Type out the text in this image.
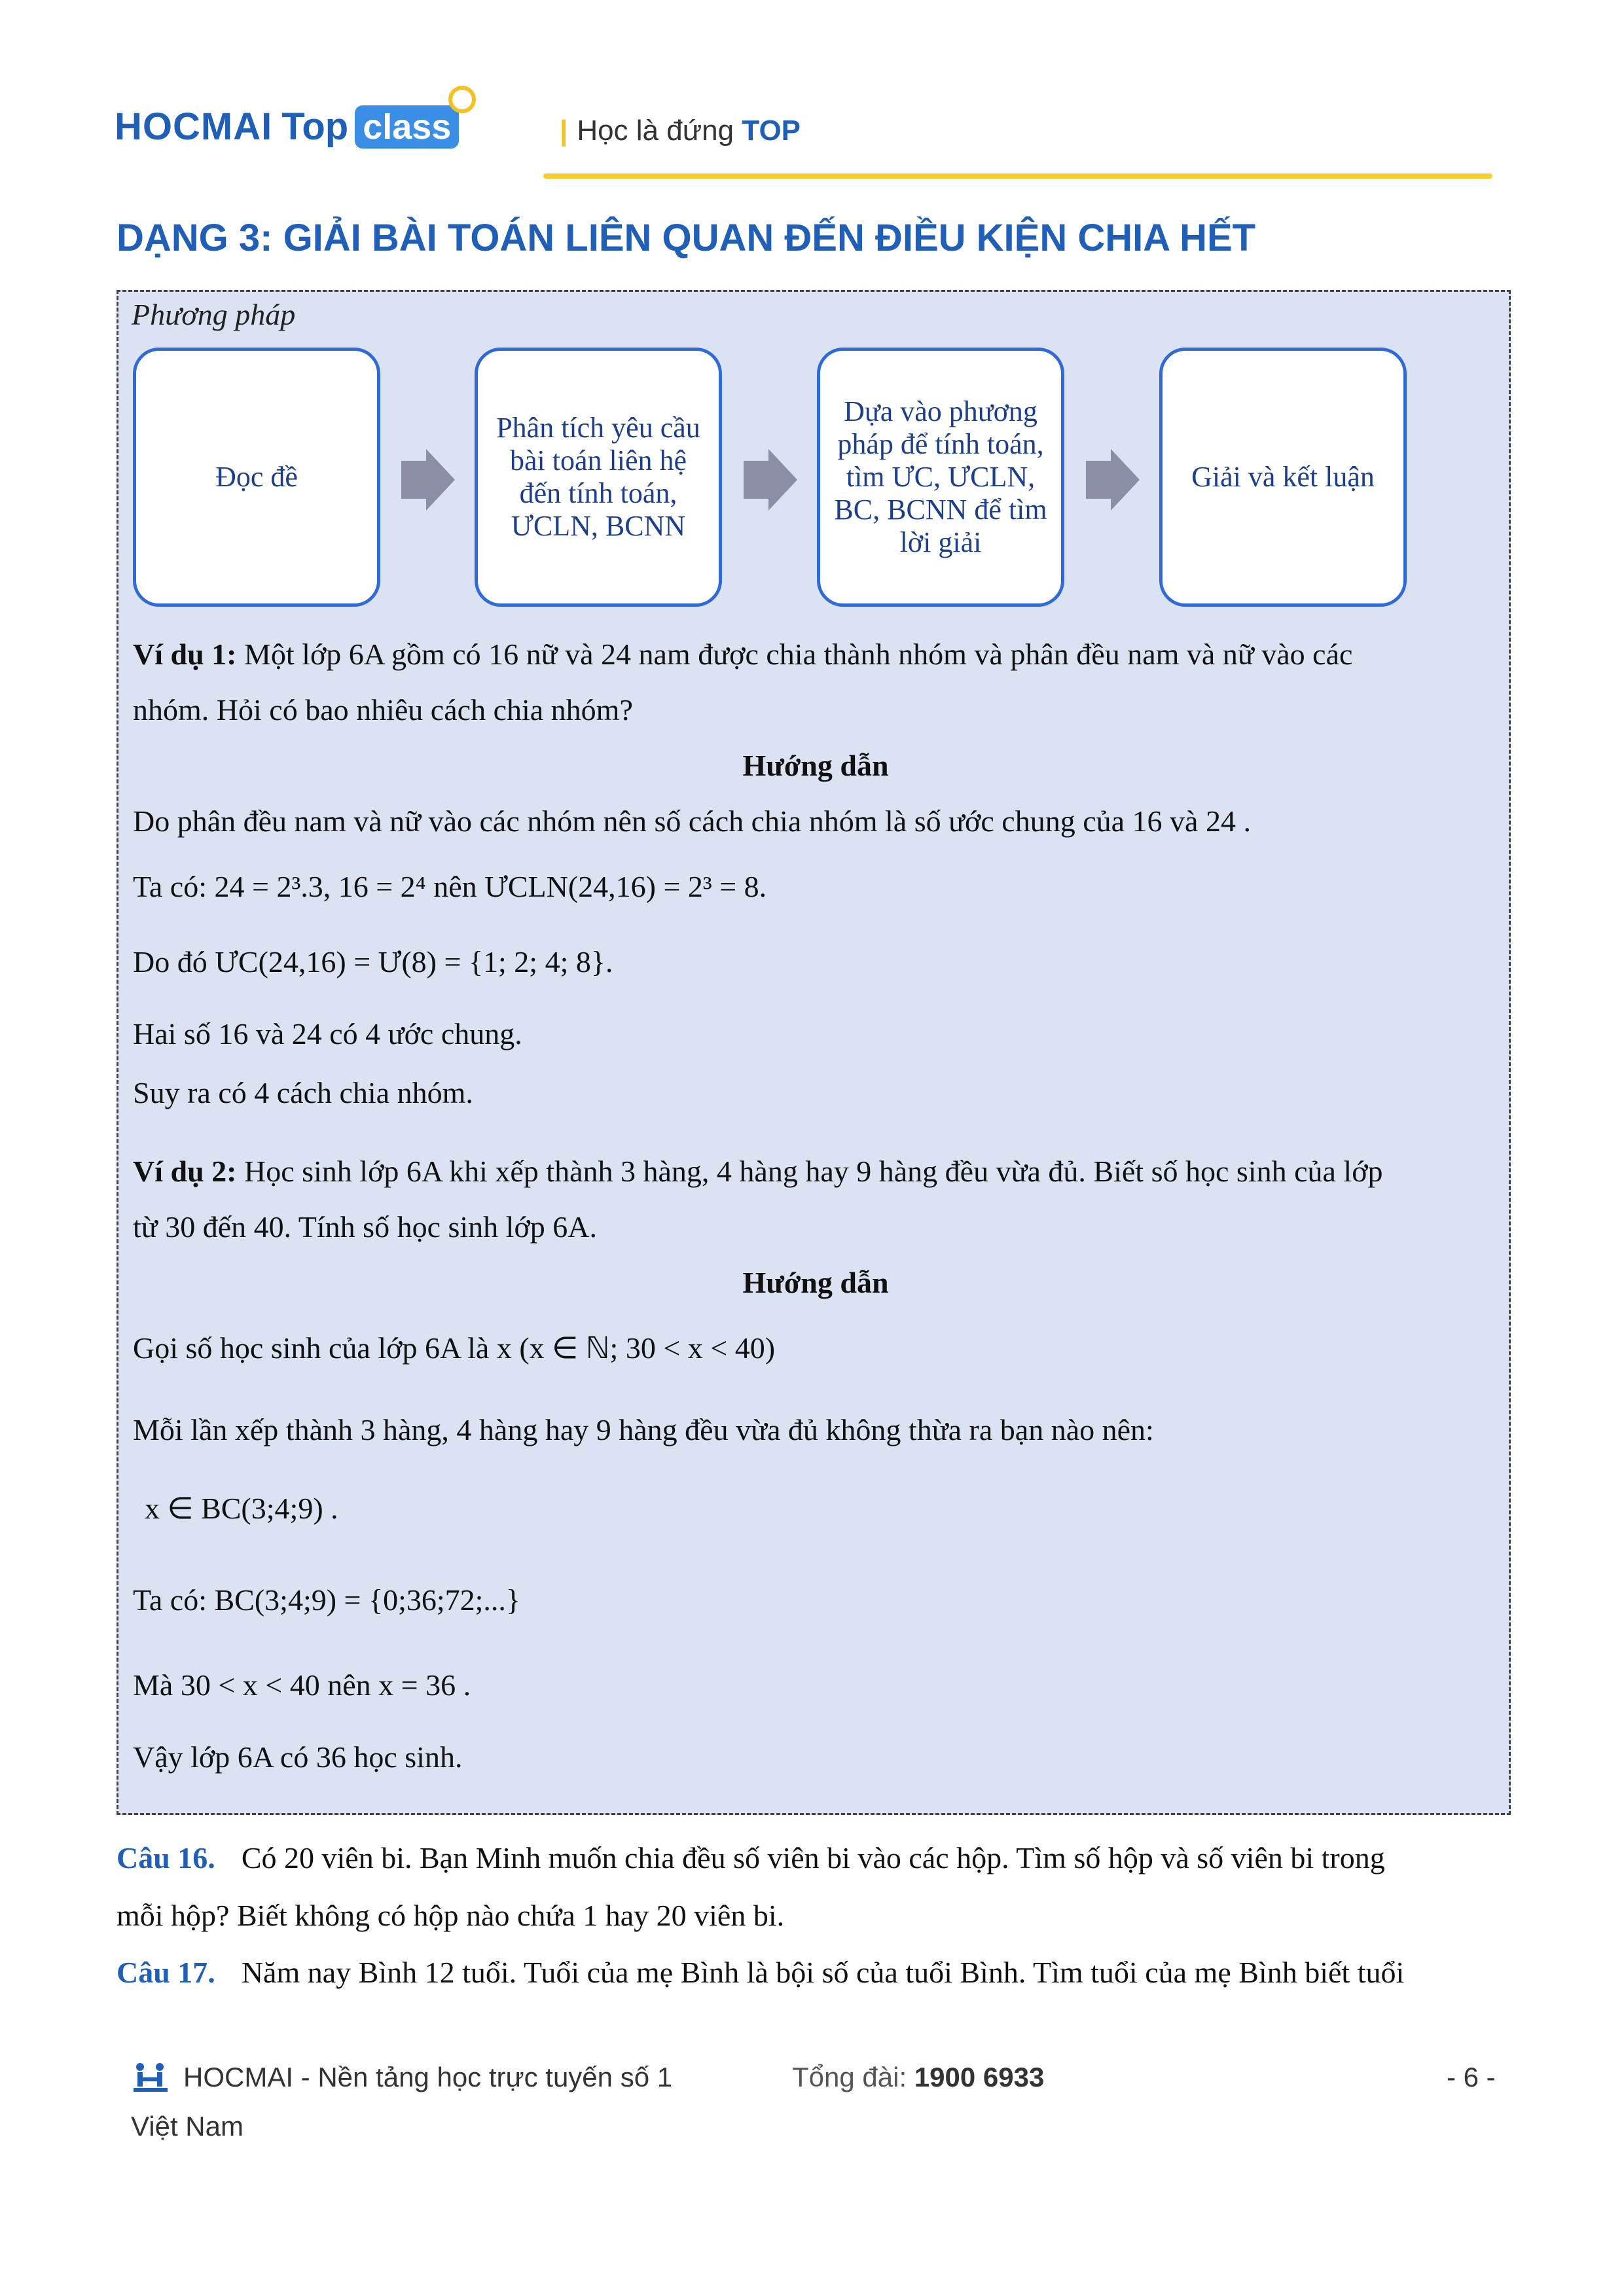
HOCMAI Top class	| Học là đứng TOP
DẠNG 3: GIẢI BÀI TOÁN LIÊN QUAN ĐẾN ĐIỀU KIỆN CHIA HẾT
Phương pháp
Đọc đề
Phân tích yêu cầu bài toán liên hệ đến tính toán, ƯCLN, BCNN
Dựa vào phương pháp để tính toán, tìm ƯC, ƯCLN, BC, BCNN để tìm lời giải
Giải và kết luận
Ví dụ 1: Một lớp 6A gồm có 16 nữ và 24 nam được chia thành nhóm và phân đều nam và nữ vào các
nhóm. Hỏi có bao nhiêu cách chia nhóm?
Hướng dẫn
Do phân đều nam và nữ vào các nhóm nên số cách chia nhóm là số ước chung của 16 và 24 .
Ta có: 24 = 2³.3, 16 = 2⁴ nên ƯCLN(24,16) = 2³ = 8.
Do đó ƯC(24,16) = Ư(8) = {1; 2; 4; 8}.
Hai số 16 và 24 có 4 ước chung.
Suy ra có 4 cách chia nhóm.
Ví dụ 2: Học sinh lớp 6A khi xếp thành 3 hàng, 4 hàng hay 9 hàng đều vừa đủ. Biết số học sinh của lớp
từ 30 đến 40. Tính số học sinh lớp 6A.
Hướng dẫn
Gọi số học sinh của lớp 6A là x (x ∈ ℕ; 30 < x < 40)
Mỗi lần xếp thành 3 hàng, 4 hàng hay 9 hàng đều vừa đủ không thừa ra bạn nào nên:
x ∈ BC(3;4;9) .
Ta có: BC(3;4;9) = {0;36;72;...}
Mà 30 < x < 40 nên x = 36 .
Vậy lớp 6A có 36 học sinh.
Câu 16. Có 20 viên bi. Bạn Minh muốn chia đều số viên bi vào các hộp. Tìm số hộp và số viên bi trong
mỗi hộp? Biết không có hộp nào chứa 1 hay 20 viên bi.
Câu 17. Năm nay Bình 12 tuổi. Tuổi của mẹ Bình là bội số của tuổi Bình. Tìm tuổi của mẹ Bình biết tuổi
HOCMAI - Nền tảng học trực tuyến số 1	Tổng đài: 1900 6933	- 6 -
Việt Nam
